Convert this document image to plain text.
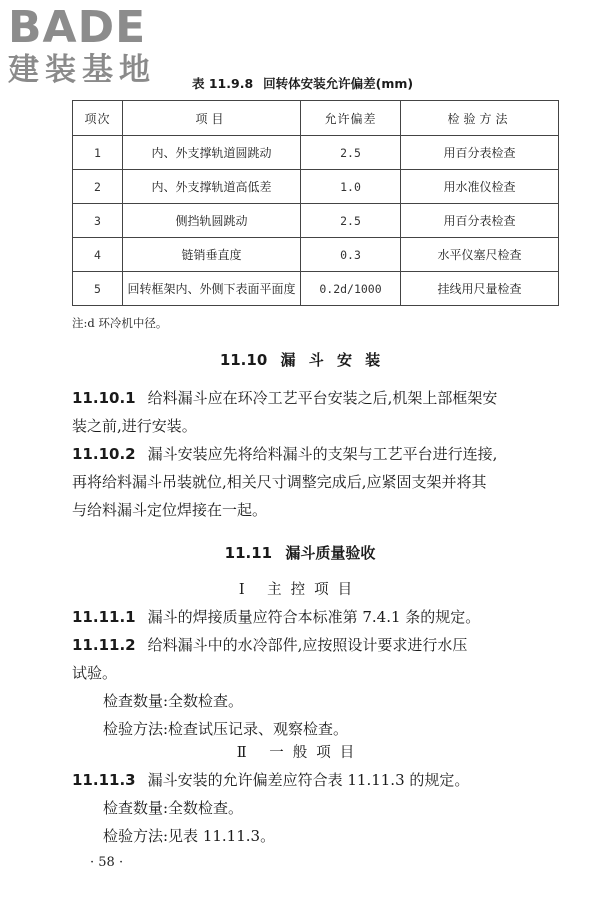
BADE
建装基地	表 11.9.8 回转体安装允许偏差(mm)
项次	项目	允许偏差	检验方法
1	内、外支撑轨道圆跳动	2.5	用百分表检查
2	内、外支撑轨道高低差	1.0	用水准仪检查
3	侧挡轨圆跳动	2.5	用百分表检查
4	链销垂直度	0.3	水平仪塞尺检查
5	回转框架内、外侧下表面平面度	0.2d/1000	挂线用尺量检查
注:d 环冷机中径。
11.10 漏 斗 安 装
11.10.1 给料漏斗应在环冷工艺平台安装之后,机架上部框架安
装之前,进行安装。
11.10.2 漏斗安装应先将给料漏斗的支架与工艺平台进行连接,
再将给料漏斗吊装就位,相关尺寸调整完成后,应紧固支架并将其
与给料漏斗定位焊接在一起。
11.11 漏斗质量验收
Ⅰ 主控项目
11.11.1 漏斗的焊接质量应符合本标准第 7.4.1 条的规定。
11.11.2 给料漏斗中的水冷部件,应按照设计要求进行水压
试验。
检查数量:全数检查。
检验方法:检查试压记录、观察检查。
Ⅱ 一般项目
11.11.3 漏斗安装的允许偏差应符合表 11.11.3 的规定。
检查数量:全数检查。
检验方法:见表 11.11.3。
· 58 ·
